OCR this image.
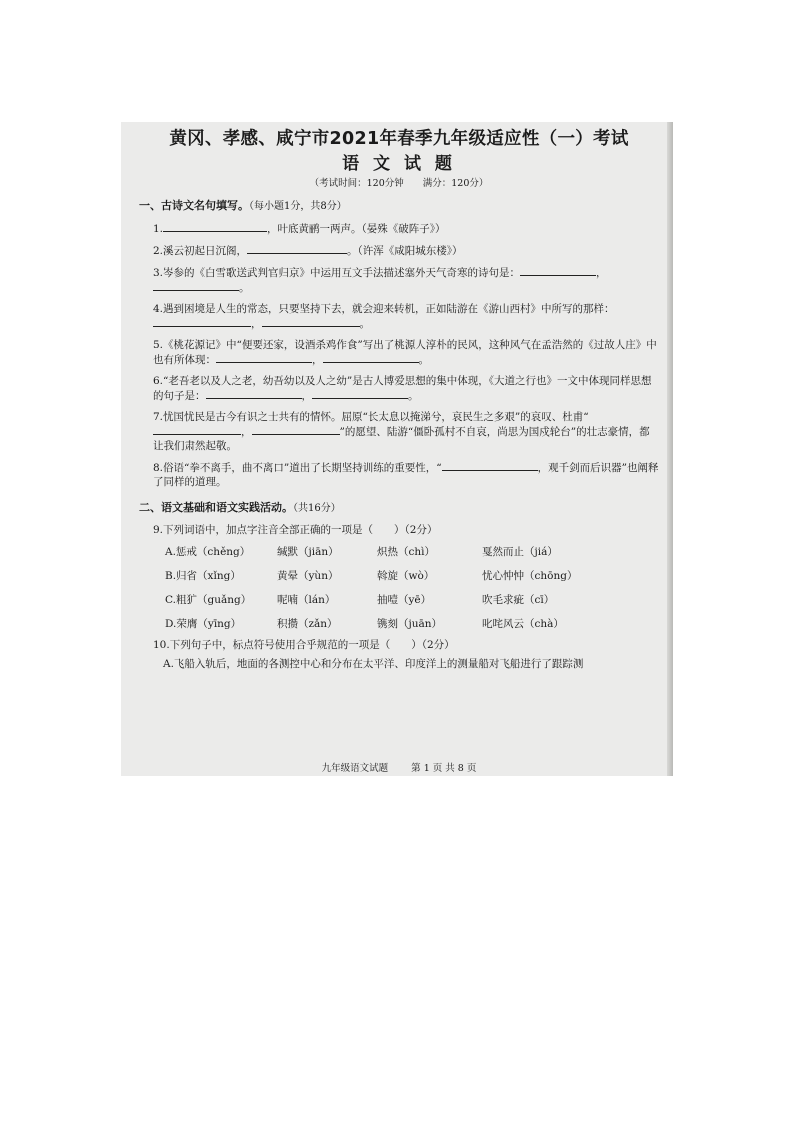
黄冈、孝感、咸宁市2021年春季九年级适应性（一）考试
语 文 试 题
（考试时间：120分钟　　满分：120分）
一、古诗文名句填写。（每小题1分，共8分）
1.	，叶底黄鹂一两声。（晏殊《破阵子》）
2.溪云初起日沉阁，	。（许浑《咸阳城东楼》）
3.岑参的《白雪歌送武判官归京》中运用互文手法描述塞外天气奇寒的诗句是：	，
。
4.遇到困境是人生的常态，只要坚持下去，就会迎来转机，正如陆游在《游山西村》中所写的那样：，	。
5.《桃花源记》中“便要还家，设酒杀鸡作食”写出了桃源人淳朴的民风，这种风气在孟浩然的《过故人庄》中也有所体现：	，	。
6.“老吾老以及人之老，幼吾幼以及人之幼”是古人博爱思想的集中体现，《大道之行也》一文中体现同样思想的句子是：	，	。
7.忧国忧民是古今有识之士共有的情怀。屈原“长太息以掩涕兮，哀民生之多艰”的哀叹、杜甫“，	”的愿望、陆游“僵卧孤村不自哀，尚思为国戍轮台”的壮志豪情，都让我们肃然起敬。
8.俗语“拳不离手，曲不离口”道出了长期坚持训练的重要性，“	，观千剑而后识器”也阐释了同样的道理。
二、语文基础和语文实践活动。（共16分）
9.下列词语中，加点字注音全部正确的一项是（　　）（2分）
A.惩戒（chěng）	缄默（jiān）	炽热（chì）	戛然而止（jiá）
B.归省（xǐng）	黄晕（yùn）	斡旋（wò）	忧心忡忡（chōng）
C.粗犷（guǎng）	呢喃（lán）	抽噎（yē）	吹毛求疵（cī）
D.荣膺（yīng）	积攒（zǎn）	镌刻（juān）	叱咤风云（chà）
10.下列句子中，标点符号使用合乎规范的一项是（　　）（2分）
A.飞船入轨后，地面的各测控中心和分布在太平洋、印度洋上的测量船对飞船进行了跟踪测
九年级语文试题 第 1 页 共 8 页
